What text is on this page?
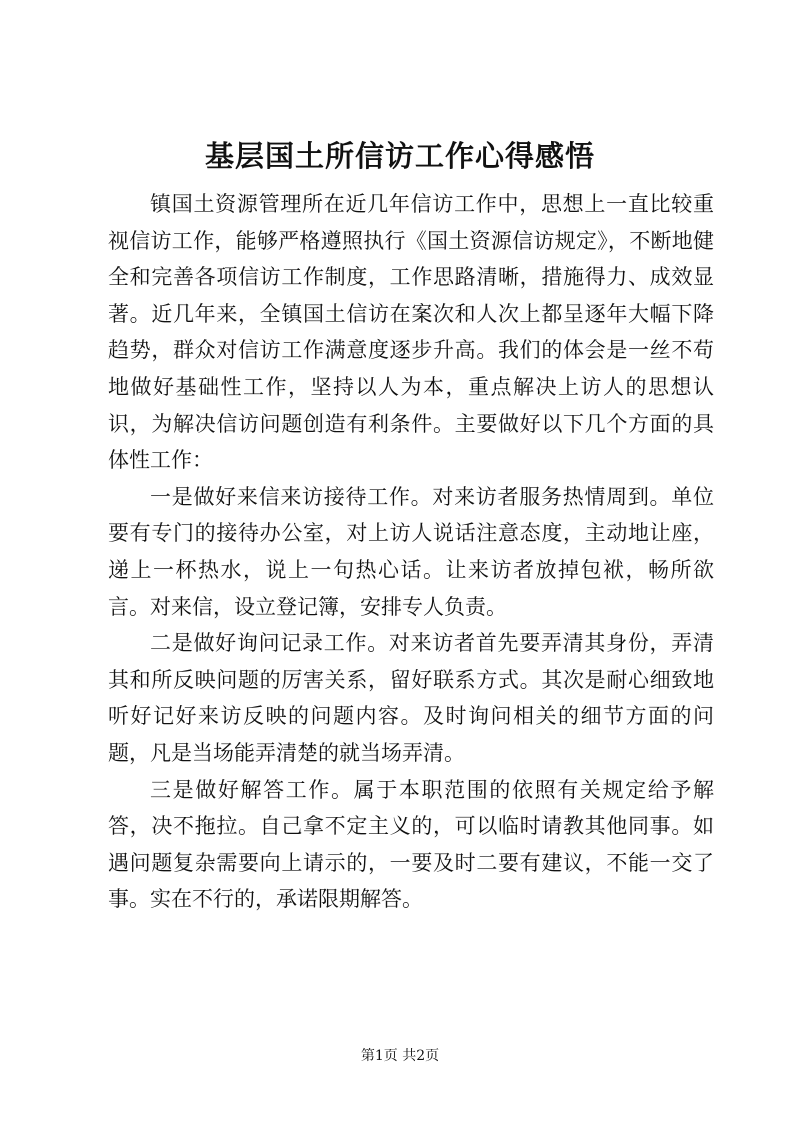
基层国土所信访工作心得感悟

镇国土资源管理所在近几年信访工作中，思想上一直比较重视信访工作，能够严格遵照执行《国土资源信访规定》，不断地健全和完善各项信访工作制度，工作思路清晰，措施得力、成效显著。近几年来，全镇国土信访在案次和人次上都呈逐年大幅下降趋势，群众对信访工作满意度逐步升高。我们的体会是一丝不苟地做好基础性工作，坚持以人为本，重点解决上访人的思想认识，为解决信访问题创造有利条件。主要做好以下几个方面的具体性工作：

一是做好来信来访接待工作。对来访者服务热情周到。单位要有专门的接待办公室，对上访人说话注意态度，主动地让座，递上一杯热水，说上一句热心话。让来访者放掉包袱，畅所欲言。对来信，设立登记簿，安排专人负责。

二是做好询问记录工作。对来访者首先要弄清其身份，弄清其和所反映问题的厉害关系，留好联系方式。其次是耐心细致地听好记好来访反映的问题内容。及时询问相关的细节方面的问题，凡是当场能弄清楚的就当场弄清。

三是做好解答工作。属于本职范围的依照有关规定给予解答，决不拖拉。自己拿不定主义的，可以临时请教其他同事。如遇问题复杂需要向上请示的，一要及时二要有建议，不能一交了事。实在不行的，承诺限期解答。

第1页 共2页
